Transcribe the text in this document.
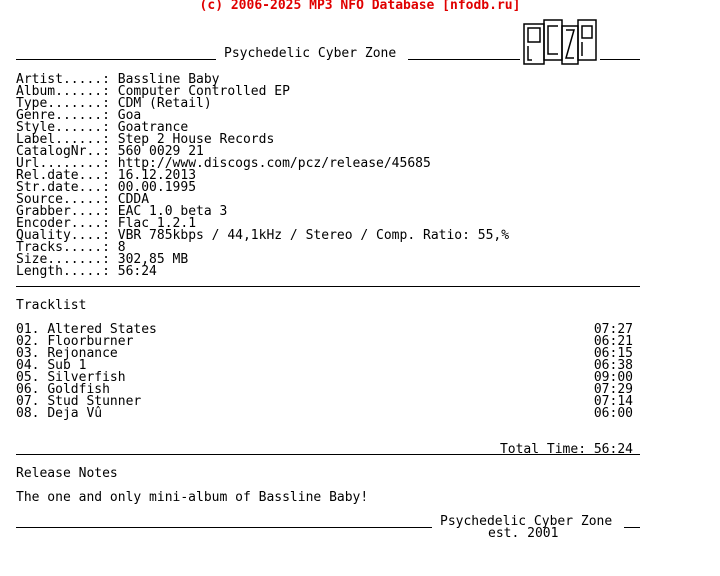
(c) 2006-2025 MP3 NFO Database [nfodb.ru]
Psychedelic Cyber Zone	PCZ
Artist.....: Bassline Baby
Album......: Computer Controlled EP
Type.......: CDM (Retail)
Genre......: Goa
Style......: Goatrance
Label......: Step 2 House Records
CatalogNr..: 560 0029 21
Url........: http://www.discogs.com/pcz/release/45685
Rel.date...: 16.12.2013
Str.date...: 00.00.1995
Source.....: CDDA
Grabber....: EAC 1.0 beta 3
Encoder....: Flac 1.2.1
Quality....: VBR 785kbps / 44,1kHz / Stereo / Comp. Ratio: 55,%
Tracks.....: 8
Size.......: 302,85 MB
Length.....: 56:24
Tracklist
01. Altered States	07:27
02. Floorburner	06:21
03. Rejonance	06:15
04. Sub 1	06:38
05. Silverfish	09:00
06. Goldfish	07:29
07. Stud Stunner	07:14
08. Deja Vû	06:00

Total Time: 56:24

Release Notes
The one and only mini-album of Bassline Baby!
Psychedelic Cyber Zone
est. 2001
